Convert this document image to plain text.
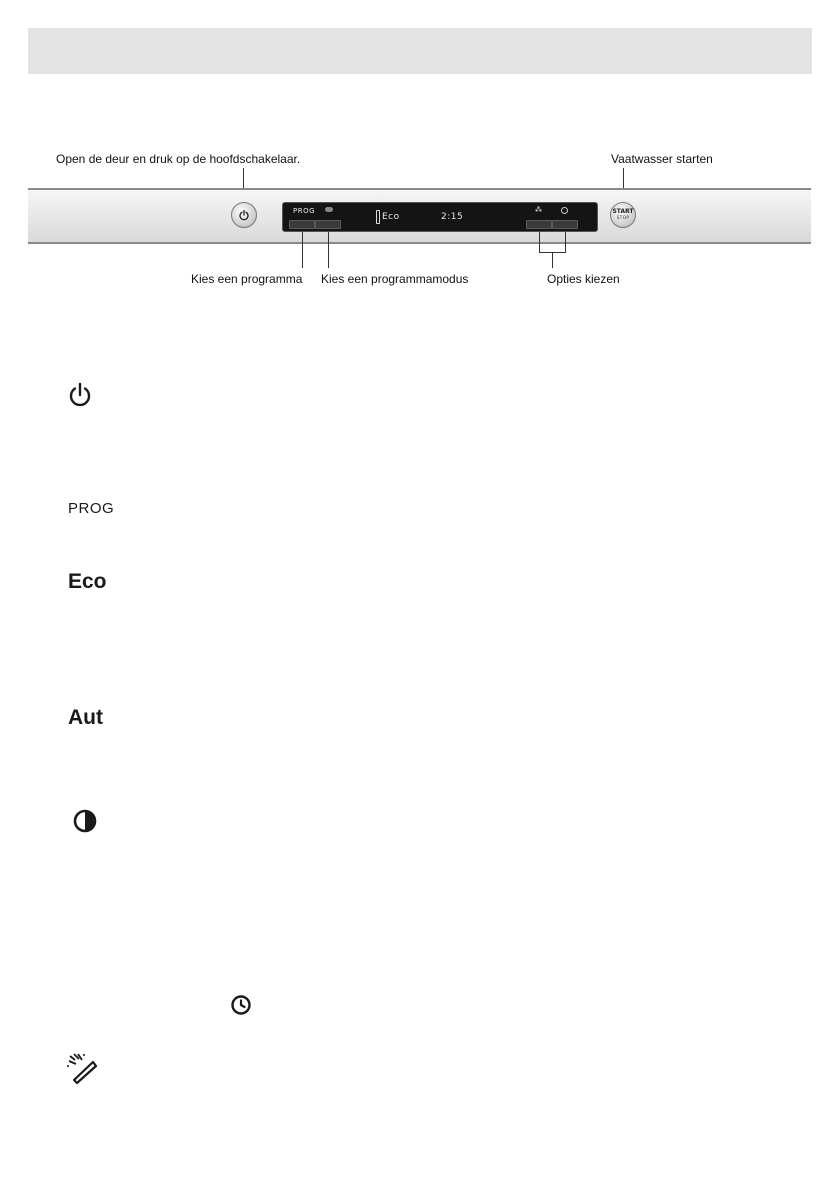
Open de deur en druk op de hoofdschakelaar.	Vaatwasser starten
PROG
Eco	2:15
⁂	START
STOP
Kies een programma Kies een programmamodus	Opties kiezen
PROG
Eco
Aut
